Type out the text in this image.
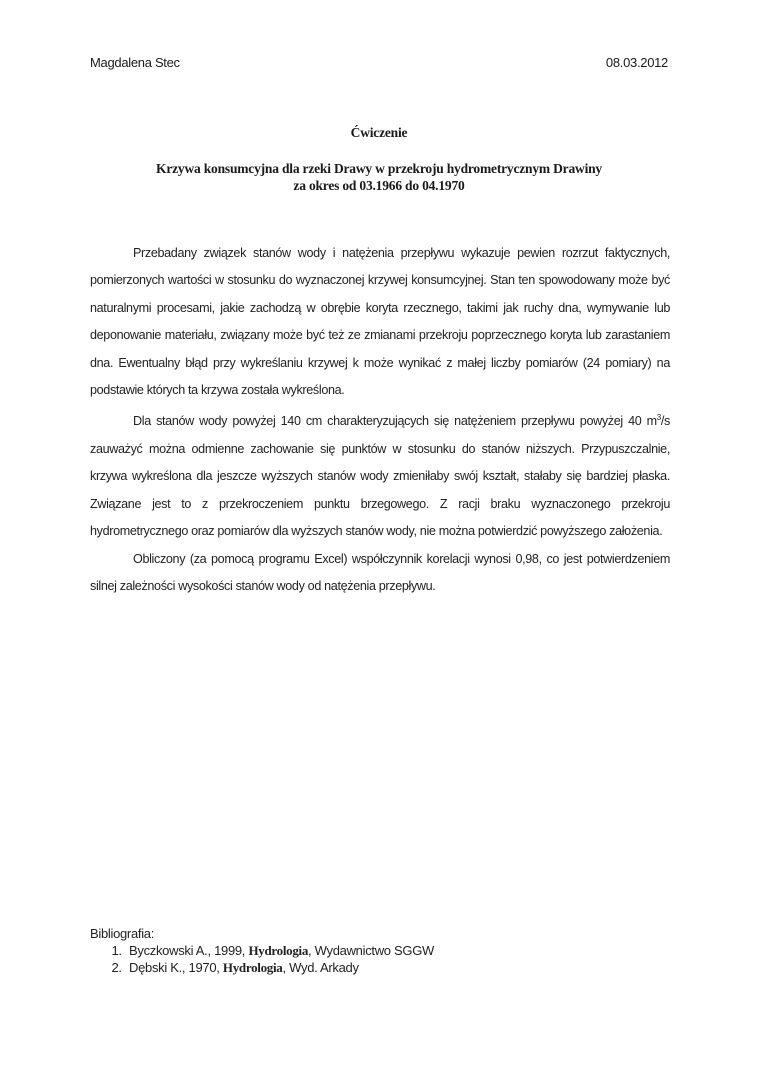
Magdalena Stec	08.03.2012
Ćwiczenie
Krzywa konsumcyjna dla rzeki Drawy w przekroju hydrometrycznym Drawiny
za okres od 03.1966 do 04.1970

Przebadany związek stanów wody i natężenia przepływu wykazuje pewien rozrzut faktycznych, pomierzonych wartości w stosunku do wyznaczonej krzywej konsumcyjnej. Stan ten spowodowany może być naturalnymi procesami, jakie zachodzą w obrębie koryta rzecznego, takimi jak ruchy dna, wymywanie lub deponowanie materiału, związany może być też ze zmianami przekroju poprzecznego koryta lub zarastaniem dna. Ewentualny błąd przy wykreślaniu krzywej k może wynikać z małej liczby pomiarów (24 pomiary) na podstawie których ta krzywa została wykreślona.

Dla stanów wody powyżej 140 cm charakteryzujących się natężeniem przepływu powyżej 40 $m^3/s$ zauważyć można odmienne zachowanie się punktów w stosunku do stanów niższych. Przypuszczalnie, krzywa wykreślona dla jeszcze wyższych stanów wody zmieniłaby swój kształt, stałaby się bardziej płaska. Związane jest to z przekroczeniem punktu brzegowego. Z racji braku wyznaczonego przekroju hydrometrycznego oraz pomiarów dla wyższych stanów wody, nie można potwierdzić powyższego założenia.

Obliczony (za pomocą programu Excel) współczynnik korelacji wynosi 0,98, co jest potwierdzeniem silnej zależności wysokości stanów wody od natężenia przepływu.

Bibliografia:
1. Byczkowski A., 1999, Hydrologia, Wydawnictwo SGGW
2. Dębski K., 1970, Hydrologia, Wyd. Arkady
